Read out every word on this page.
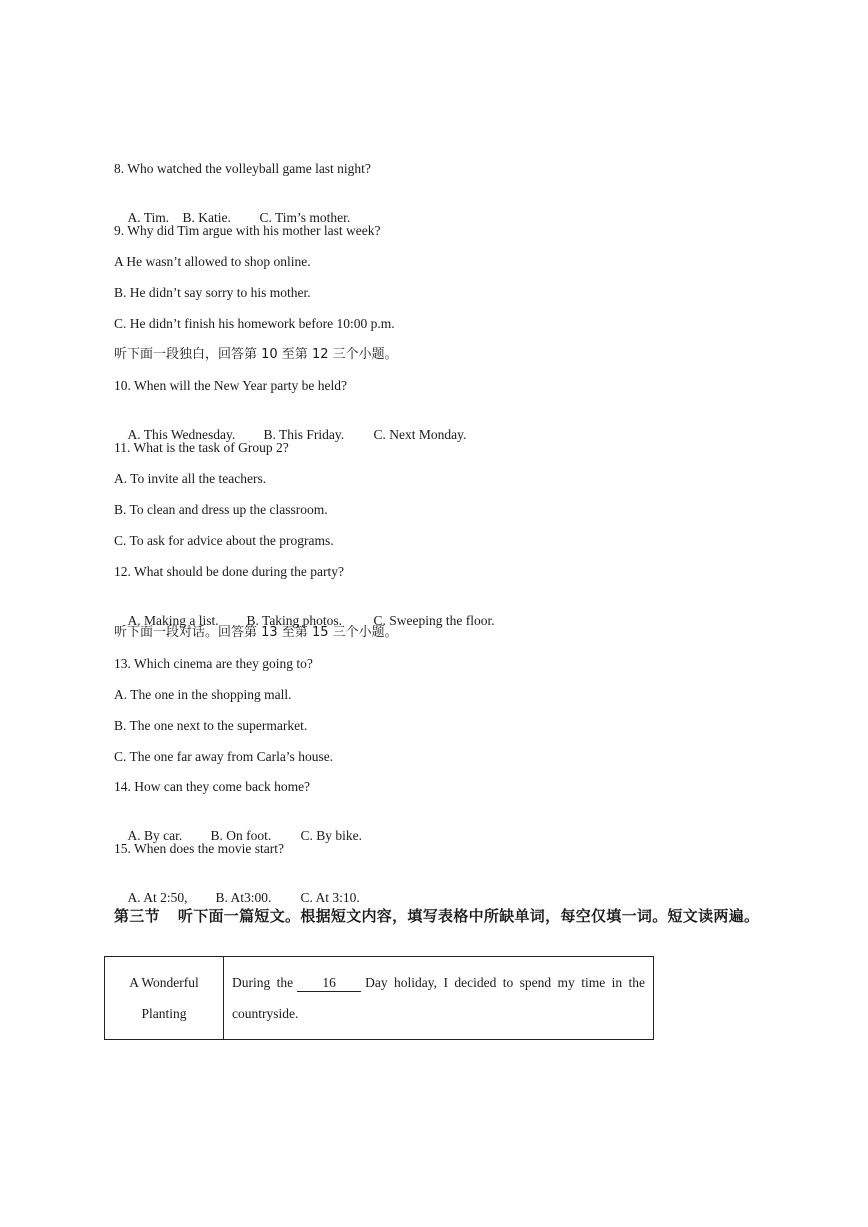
8. Who watched the volleyball game last night?

A. Tim. B. Katie. C. Tim’s mother.

9. Why did Tim argue with his mother last week?
A He wasn’t allowed to shop online.
B. He didn’t say sorry to his mother.
C. He didn’t finish his homework before 10:00 p.m.
听下面一段独白，回答第 10 至第 12 三个小题。
10. When will the New Year party be held?

A. This Wednesday. B. This Friday. C. Next Monday.

11. What is the task of Group 2?
A. To invite all the teachers.
B. To clean and dress up the classroom.
C. To ask for advice about the programs.
12. What should be done during the party?

A. Making a list. B. Taking photos. C. Sweeping the floor.

听下面一段对话。回答第 13 至第 15 三个小题。
13. Which cinema are they going to?
A. The one in the shopping mall.
B. The one next to the supermarket.
C. The one far away from Carla’s house.
14. How can they come back home?

A. By car. B. On foot. C. By bike.

15. When does the movie start?

A. At 2:50, B. At3:00. C. At 3:10.

第三节 听下面一篇短文。根据短文内容，填写表格中所缺单词，每空仅填一词。短文读两遍。
A Wonderful Planting	During the 16 Day holiday, I decided to spend my time in the countryside.
